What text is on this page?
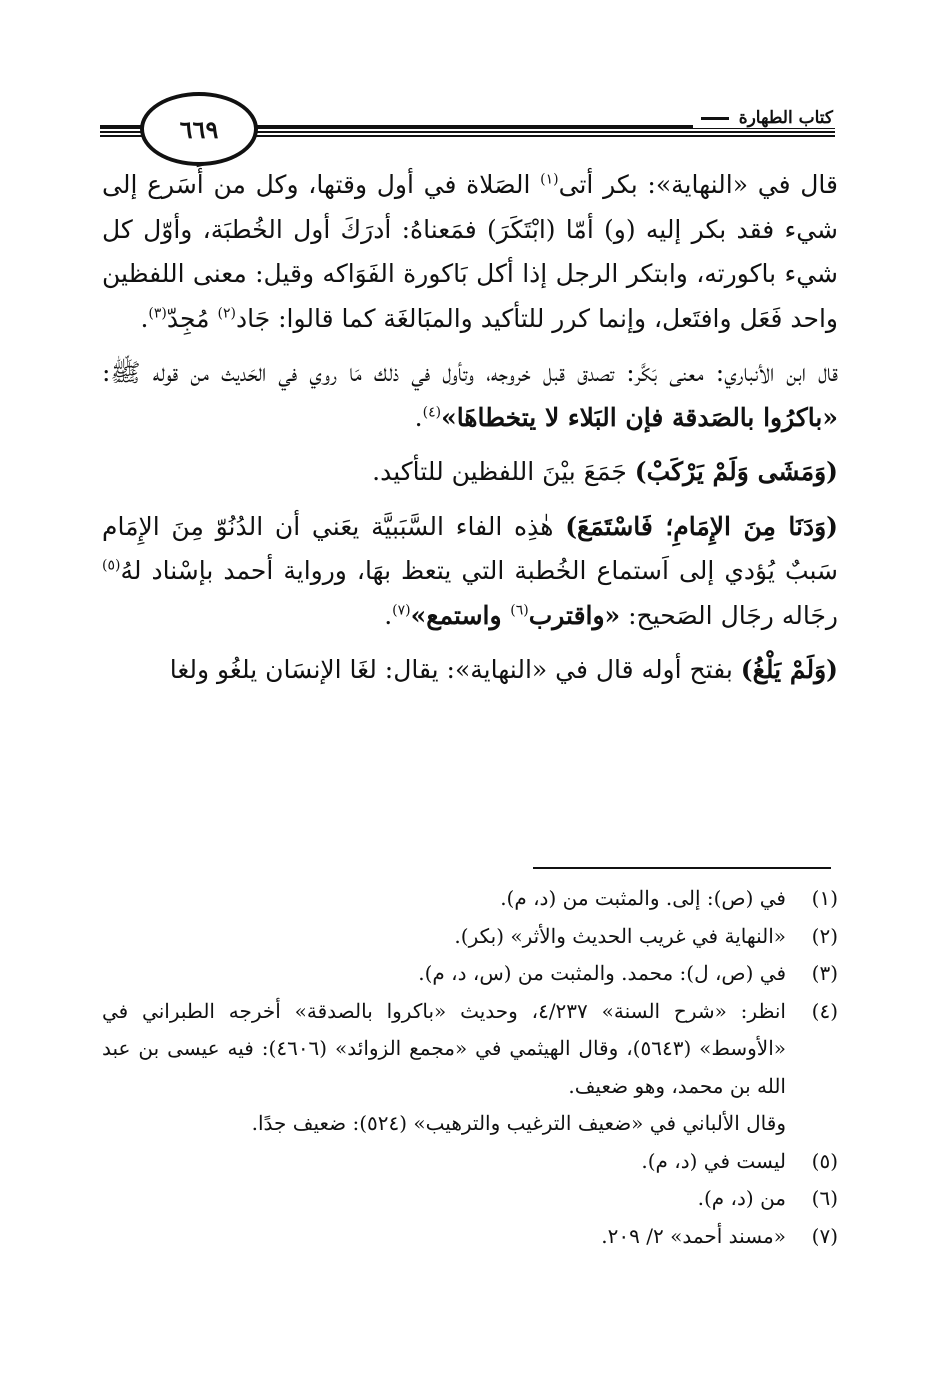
٦٦٩	كتاب الطهارة

قال في «النهاية»: بكر أتى$^{(١)}$ الصَلاة في أول وقتها، وكل من أَسَرع إلى شيء فقد بكر إليه (و) أمّا (ابْتَكَرَ) فمَعناهُ: أدرَكَ أول الخُطبَة، وأوّل كل شيء باكورته، وابتكر الرجل إذا أكل بَاكورة الفَوَاكه وقيل: معنى اللفظين واحد فَعَل وافتَعل، وإنما كرر للتأكيد والمبَالغَة كما قالوا: جَاد$^{(٢)}$ مُجِدّ$^{(٣)}$.

قال ابن الأنباري: معنى بَكَّر: تصدق قبل خروجه، وتأول في ذلك مَا روي في الحَديث من قوله ﷺ: «باكرُوا بالصَدقة فإن البَلاء لا يتخطاهَا»$^{(٤)}$.

(وَمَشَى وَلَمْ يَرْكَبْ) جَمَعَ بيْنَ اللفظين للتأكيد.

(وَدَنَا مِنَ الإِمَامِ؛ فَاسْتَمَعَ) هٰذِه الفاء السَّبَبيَّة يعَني أن الدُنُوّ مِنَ الإِمَام سَببٌ يُؤدي إلى اَستماع الخُطبة التي يتعظ بهَا، ورواية أحمد بإسْناد لهُ$^{(٥)}$ رجَاله رجَال الصَحيح: «واقترب$^{(٦)}$ واستمع»$^{(٧)}$.

(وَلَمْ يَلْغُ) بفتح أوله قال في «النهاية»: يقال: لغَا الإنسَان يلغُو ولغا

(١)
في (ص): إلى. والمثبت من (د، م).
(٢)
«النهاية في غريب الحديث والأثر» (بكر).
(٣)
في (ص، ل): محمد. والمثبت من (س، د، م).
(٤)
انظر: «شرح السنة» ٤/٢٣٧، وحديث «باكروا بالصدقة» أخرجه الطبراني في «الأوسط» (٥٦٤٣)، وقال الهيثمي في «مجمع الزوائد» (٤٦٠٦): فيه عيسى بن عبد الله بن محمد، وهو ضعيف.
وقال الألباني في «ضعيف الترغيب والترهيب» (٥٢٤): ضعيف جدًا.
(٥)
ليست في (د، م).
(٦)
من (د، م).
(٧)
«مسند أحمد» ٢/ ٢٠٩.
